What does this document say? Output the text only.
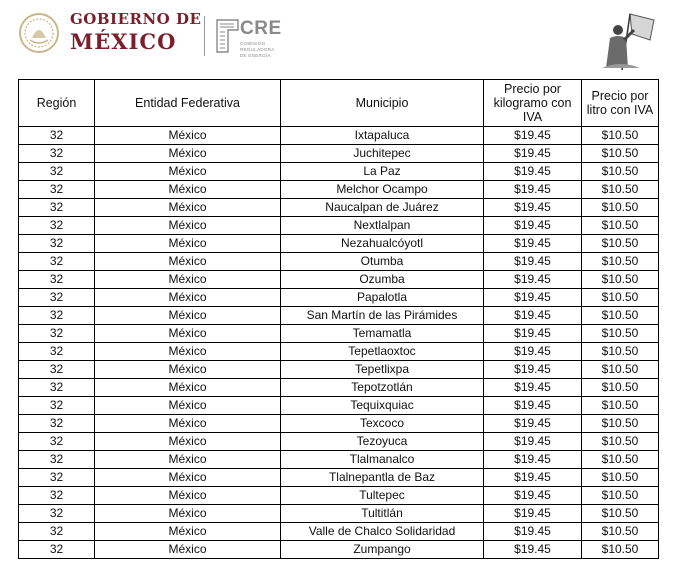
GOBIERNO DE
MÉXICO
CRE
COMISIÓN
REGULADORA
DE ENERGÍA
Región	Entidad Federativa	Municipio	Precio por kilogramo con IVA	Precio por litro con IVA
32	México	Ixtapaluca	$19.45	$10.50
32	México	Juchitepec	$19.45	$10.50
32	México	La Paz	$19.45	$10.50
32	México	Melchor Ocampo	$19.45	$10.50
32	México	Naucalpan de Juárez	$19.45	$10.50
32	México	Nextlalpan	$19.45	$10.50
32	México	Nezahualcóyotl	$19.45	$10.50
32	México	Otumba	$19.45	$10.50
32	México	Ozumba	$19.45	$10.50
32	México	Papalotla	$19.45	$10.50
32	México	San Martín de las Pirámides	$19.45	$10.50
32	México	Temamatla	$19.45	$10.50
32	México	Tepetlaoxtoc	$19.45	$10.50
32	México	Tepetlixpa	$19.45	$10.50
32	México	Tepotzotlán	$19.45	$10.50
32	México	Tequixquiac	$19.45	$10.50
32	México	Texcoco	$19.45	$10.50
32	México	Tezoyuca	$19.45	$10.50
32	México	Tlalmanalco	$19.45	$10.50
32	México	Tlalnepantla de Baz	$19.45	$10.50
32	México	Tultepec	$19.45	$10.50
32	México	Tultitlán	$19.45	$10.50
32	México	Valle de Chalco Solidaridad	$19.45	$10.50
32	México	Zumpango	$19.45	$10.50
